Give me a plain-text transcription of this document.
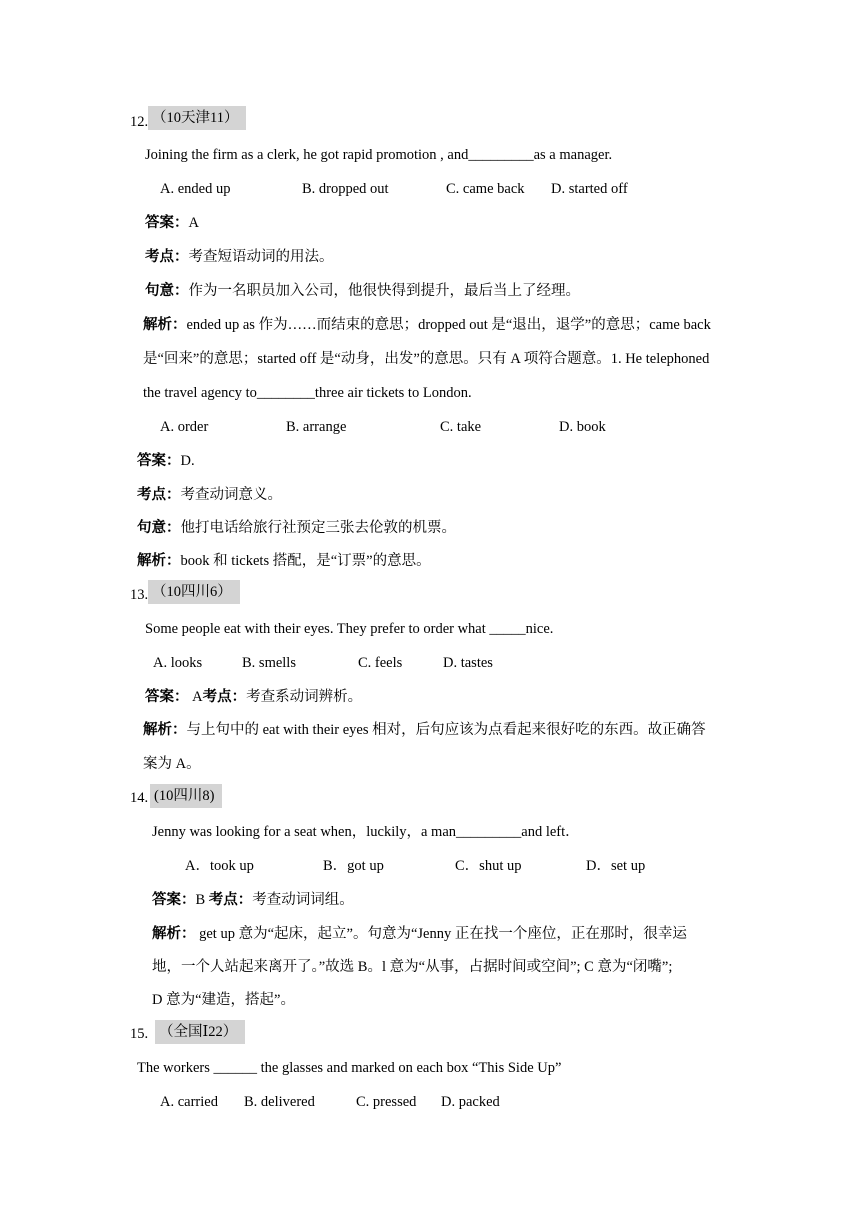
12. （10天津11）
Joining the firm as a clerk, he got rapid promotion , and_________as a manager.
A. ended up	B. dropped out	C. came back D. started off
答案：A
考点：考查短语动词的用法。
句意：作为一名职员加入公司，他很快得到提升，最后当上了经理。
解析：ended up as 作为……而结束的意思；dropped out 是“退出，退学”的意思；came back
是“回来”的意思；started off 是“动身，出发”的意思。只有 A 项符合题意。1. He telephoned
the travel agency to________three air tickets to London.
A. order	B. arrange	C. take	D. book
答案：D.
考点：考查动词意义。
句意：他打电话给旅行社预定三张去伦敦的机票。
解析：book 和 tickets 搭配，是“订票”的意思。
13. （10四川6）
Some people eat with their eyes. They prefer to order what _____nice.
A. looks	B. smells	C. feels	D. tastes
答案： A考点：考查系动词辨析。
解析：与上句中的 eat with their eyes 相对，后句应该为点看起来很好吃的东西。故正确答
案为 A。
14. (10四川8)
Jenny was looking for a seat when，luckily，a man_________and left．
A．took up	B．got up	C．shut up	D．set up
答案：B 考点：考查动词词组。
解析： get up 意为“起床，起立”。句意为“Jenny 正在找一个座位，正在那时，很幸运
地，一个人站起来离开了。”故选 B。l 意为“从事，占据时间或空间”; C 意为“闭嘴”;
D 意为“建造，搭起”。
15. （全国Ⅰ22）
The workers ______ the glasses and marked on each box “This Side Up”
A. carried B. delivered	C. pressed D. packed
